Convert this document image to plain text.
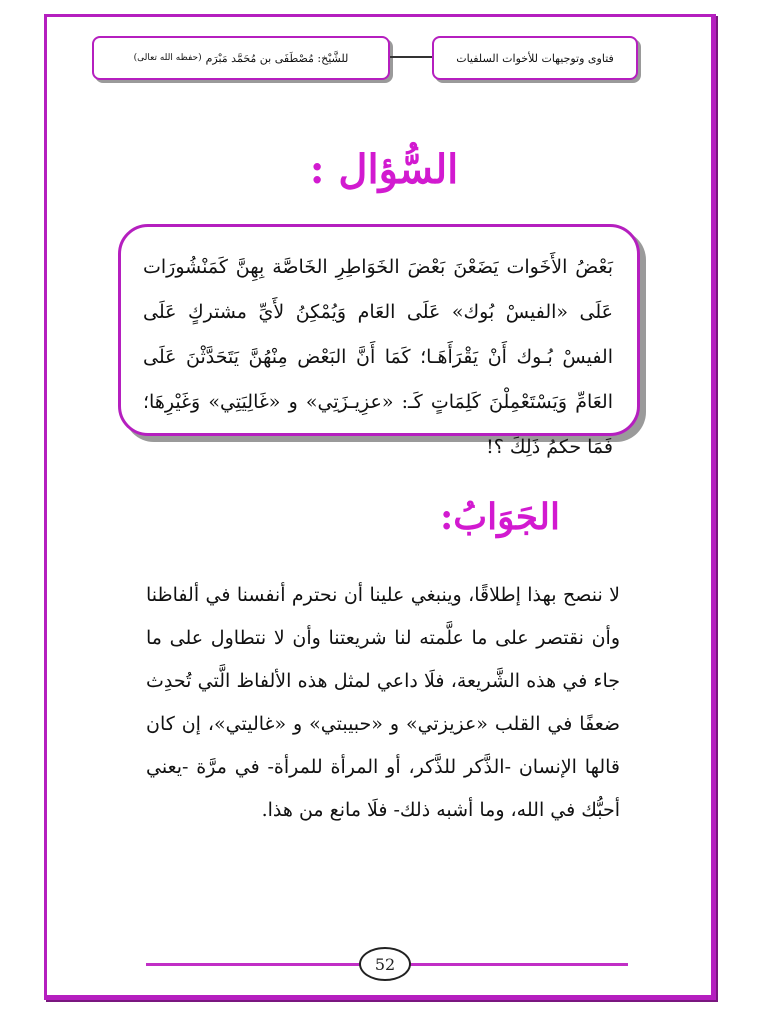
للشَّيْخ: مُصْطَفَى بن مُحَمَّد مَبْرَم
(حفظه الله تعالى)	فتاوى وتوجيهات للأخوات السلفيات
السُّؤال :
بَعْضُ الأَخَوات يَضَعْنَ بَعْضَ الخَوَاطِرِ الخَاصَّة بِهِنَّ كَمَنْشُورَات عَلَى «الفيسْ بُوك» عَلَى العَام وَيُمْكِنُ لأَيِّ مشتركٍ عَلَى الفيسْ بُـوك أَنْ يَقْرَأَهَـا؛ كَمَا أَنَّ البَعْض مِنْهُنَّ يَتَحَدَّثْنَ عَلَى العَامِّ وَيَسْتَعْمِلْنَ كَلِمَاتٍ كَـ: «عزِيـزَتِي» و «غَالِيَتِي» وَغَيْرِهَا؛ فَمَا حكمُ ذَلِكَ ؟!
الجَوَابُ:
لا ننصح بهذا إطلاقًا، وينبغي علينا أن نحترم أنفسنا في ألفاظنا وأن نقتصر على ما علَّمته لنا شريعتنا وأن لا نتطاول على ما جاء في هذه الشَّريعة، فلَا داعي لمثل هذه الألفاظ الَّتي تُحدِث ضعفًا في القلب «عزيزتي» و «حبيبتي» و «غاليتي»، إن كان قالها الإنسان -الذَّكر للذَّكر، أو المرأة للمرأة- في مرَّة -يعني أحبُّك في الله، وما أشبه ذلك- فلَا مانع من هذا.
52
